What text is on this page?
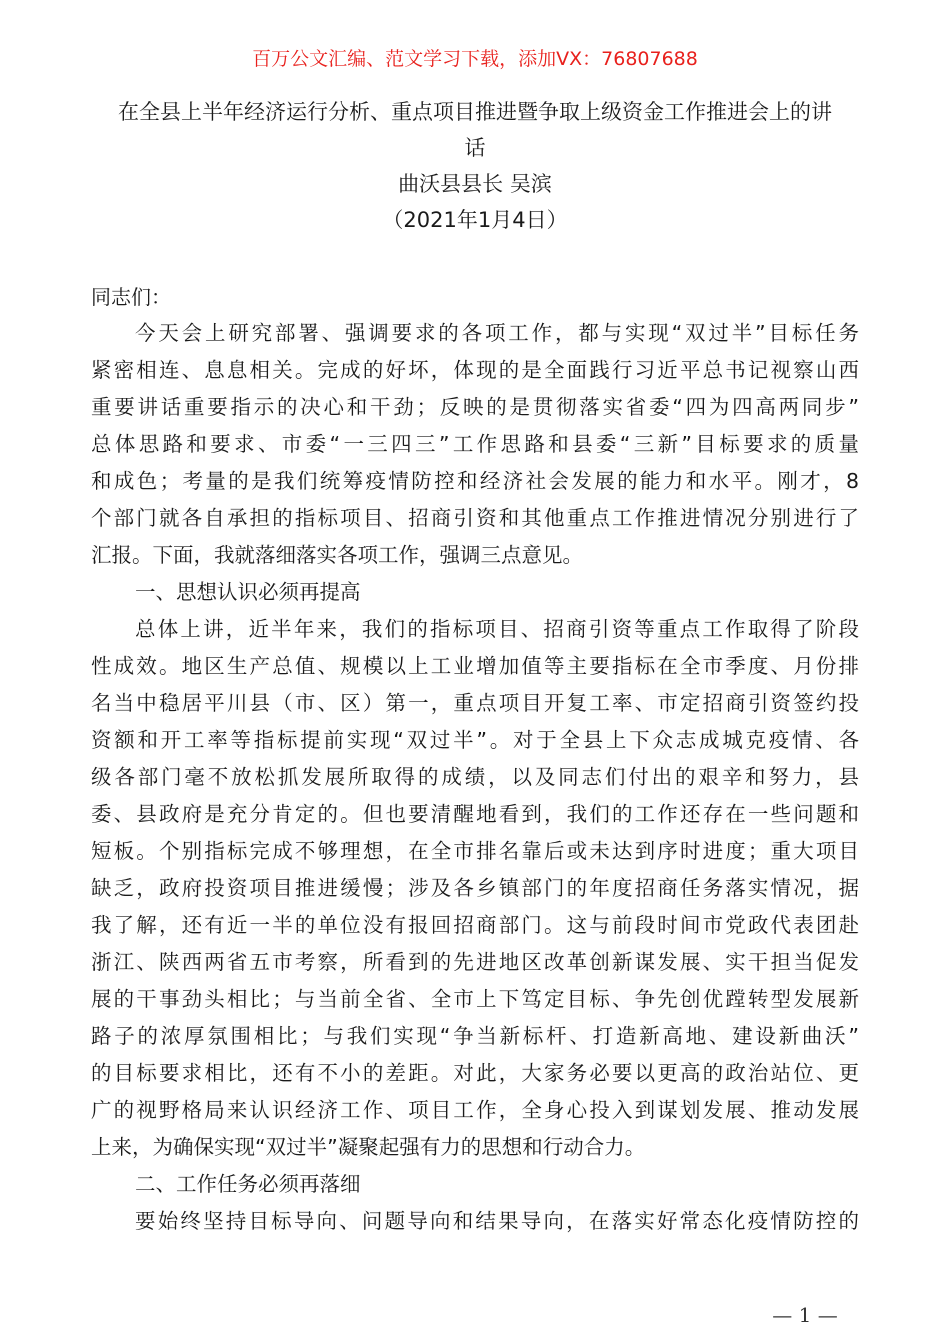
百万公文汇编、范文学习下载，添加VX：76807688
在全县上半年经济运行分析、重点项目推进暨争取上级资金工作推进会上的讲
话
曲沃县县长 吴滨
（2021年1月4日）
同志们：
今天会上研究部署、强调要求的各项工作，都与实现“双过半”目标任务
紧密相连、息息相关。完成的好坏，体现的是全面践行习近平总书记视察山西
重要讲话重要指示的决心和干劲；反映的是贯彻落实省委“四为四高两同步”
总体思路和要求、市委“一三四三”工作思路和县委“三新”目标要求的质量
和成色；考量的是我们统筹疫情防控和经济社会发展的能力和水平。刚才，8
个部门就各自承担的指标项目、招商引资和其他重点工作推进情况分别进行了
汇报。下面，我就落细落实各项工作，强调三点意见。
一、思想认识必须再提高
总体上讲，近半年来，我们的指标项目、招商引资等重点工作取得了阶段
性成效。地区生产总值、规模以上工业增加值等主要指标在全市季度、月份排
名当中稳居平川县（市、区）第一，重点项目开复工率、市定招商引资签约投
资额和开工率等指标提前实现“双过半”。对于全县上下众志成城克疫情、各
级各部门毫不放松抓发展所取得的成绩，以及同志们付出的艰辛和努力，县
委、县政府是充分肯定的。但也要清醒地看到，我们的工作还存在一些问题和
短板。个别指标完成不够理想，在全市排名靠后或未达到序时进度；重大项目
缺乏，政府投资项目推进缓慢；涉及各乡镇部门的年度招商任务落实情况，据
我了解，还有近一半的单位没有报回招商部门。这与前段时间市党政代表团赴
浙江、陕西两省五市考察，所看到的先进地区改革创新谋发展、实干担当促发
展的干事劲头相比；与当前全省、全市上下笃定目标、争先创优蹚转型发展新
路子的浓厚氛围相比；与我们实现“争当新标杆、打造新高地、建设新曲沃”
的目标要求相比，还有不小的差距。对此，大家务必要以更高的政治站位、更
广的视野格局来认识经济工作、项目工作，全身心投入到谋划发展、推动发展
上来，为确保实现“双过半”凝聚起强有力的思想和行动合力。
二、工作任务必须再落细
要始终坚持目标导向、问题导向和结果导向，在落实好常态化疫情防控的
— 1 —
